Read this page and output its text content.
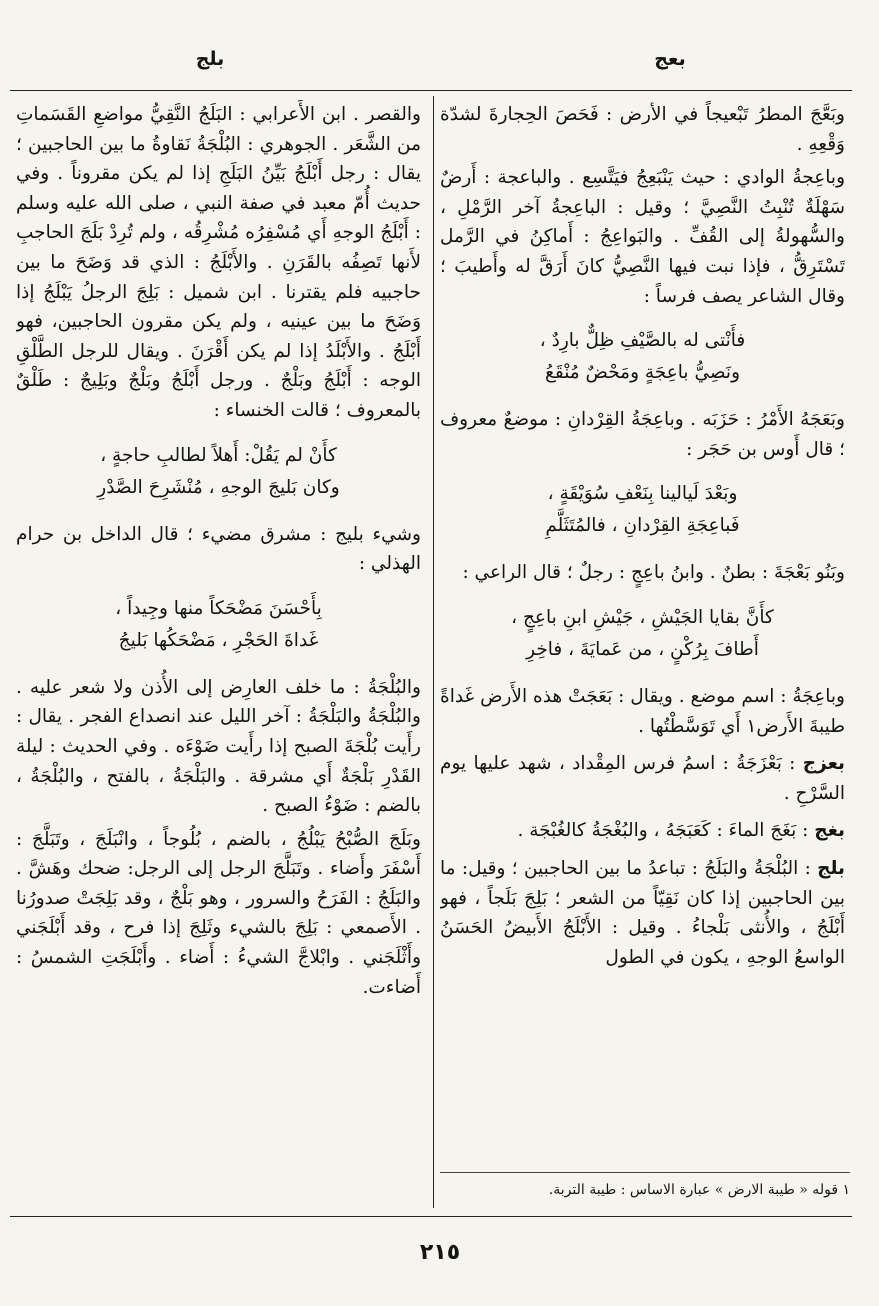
بعج
بلج

وبَعَّجَ المطرُ تَبْعيجاً في الأرض : فَحَصَ الحِجارةَ لشدّة وَقْعِهِ .

وباعِجةُ الوادي : حيث يَنْبَعِجُ فيَتَّسِع . والباعجة : أَرضٌ سَهْلَةٌ تُنْبِتُ النَّصِيَّ ؛ وقيل : الباعِجةُ آخر الرَّمْلِ ، والسُّهولةُ إلى القُفِّ . والبَواعِجُ : أَماكِنُ في الرَّمل تَسْتَرِقُّ ، فإذا نبت فيها النَّصِيُّ كانَ أَرَقَّ له وأَطيبَ ؛ وقال الشاعر يصف فرساً :

فأَنْتى له بالصَّيْفِ ظِلٌّ بارِدٌ ،
ونَصِيُّ باعِجَةٍ ومَحْضٌ مُنْقَعُ

وبَعَجَهُ الأَمْرُ : حَزَبَه . وباعِجَةُ القِرْدانِ : موضعٌ معروف ؛ قال أَوس بن حَجَر :

وبَعْدَ لَيالينا بِنَعْفِ سُوَيْقَةٍ ،
فَباعِجَةِ القِرْدانِ ، فالمُتَثَلَّمِ

وبَنُو بَعْجَةَ : بطنٌ . وابنُ باعِجٍ : رجلٌ ؛ قال الراعي :

كأَنَّ بقايا الجَيْشِ ، جَيْشِ ابنِ باعِجٍ ،
أَطافَ بِرُكْنٍ ، من عَمايَةَ ، فاخِرِ

وباعِجَةُ : اسم موضع . ويقال : بَعَجَتْ هذه الأَرض غَداةً طيبةَ الأَرض١ أَي تَوَسَّطْتُها .

بعزج : بَعْزَجَةُ : اسمُ فرس المِقْداد ، شهد عليها يوم السَّرْحِ .

بغج : بَغَجَ الماءَ : كَعَبَجَهُ ، والبُغْجَةُ كالغُبْجَة .

بلج : البُلْجَةُ والبَلَجُ : تباعدُ ما بين الحاجبين ؛ وقيل: ما بين الحاجبين إذا كان نَقِيّاً من الشعر ؛ بَلِجَ بَلَجاً ، فهو أَبْلَجُ ، والأُنثى بَلْجاءُ . وقيل : الأَبْلَجُ الأَبيضُ الحَسَنُ الواسعُ الوجهِ ، يكون في الطول

والقصر . ابن الأَعرابي : البَلَجُ النَّقِيُّ مواضعِ القَسَماتِ من الشَّعَر . الجوهري : البُلْجَةُ نَقاوةُ ما بين الحاجبين ؛ يقال : رجل أَبْلَجُ بَيِّنُ البَلَجِ إذا لم يكن مقروناً . وفي حديث أُمّ معبد في صفة النبي ، صلى الله عليه وسلم : أَبْلَجُ الوجهِ أَي مُسْفِرُه مُشْرِقُه ، ولم تُرِدْ بَلَجَ الحاجبِ لأَنها تَصِفُه بالقَرَنِ . والأَبْلَجُ : الذي قد وَضَحَ ما بين حاجبيه فلم يقترنا . ابن شميل : بَلِجَ الرجلُ يَبْلَجُ إذا وَضَحَ ما بين عينيه ، ولم يكن مقرون الحاجبين، فهو أَبْلَجُ . والأَبْلَدُ إذا لم يكن أَقْرَنَ . ويقال للرجل الطَّلْقِ الوجه : أَبْلَجُ وبَلْجٌ . ورجل أَبْلَجُ وبَلْجٌ وبَلِيجٌ : طَلْقٌ بالمعروف ؛ قالت الخنساء :

كأَنْ لم يَقُلْ: أَهلاً لطالبِ حاجةٍ ،
وكان بَليجَ الوجهِ ، مُنْشَرِحَ الصَّدْرِ

وشيء بليج : مشرق مضيء ؛ قال الداخل بن حرام الهذلي :

بِأَحْسَنَ مَضْحَكاً منها وجِيداً ،
غَداةَ الحَجْرِ ، مَضْحَكُها بَليجُ

والبُلْجَةُ : ما خلف العارِض إلى الأُذن ولا شعر عليه . والبُلْجَةُ والبَلْجَةُ : آخر الليل عند انصداع الفجر . يقال : رأَيت بُلْجَةَ الصبح إذا رأَيت ضَوْءَه . وفي الحديث : ليلة القَدْرِ بَلْجَةٌ أَي مشرقة . والبَلْجَةُ ، بالفتح ، والبُلْجَةُ ، بالضم : ضَوْءُ الصبح .

وبَلَجَ الصُّبْحُ يَبْلُجُ ، بالضم ، بُلُوجاً ، وانْبَلَجَ ، وتَبَلَّجَ : أَسْفَرَ وأَضاء . وتَبَلَّجَ الرجل إلى الرجل: ضحك وهَشَّ . والبَلَجُ : الفَرَحُ والسرور ، وهو بَلْجٌ ، وقد بَلِجَتْ صدورُنا . الأَصمعي : بَلِجَ بالشيء وثَلِجَ إذا فرح ، وقد أَبْلَجَني وأَثْلَجَني . وابْلاجَّ الشيءُ : أَضاء . وأَبْلَجَتِ الشمسُ : أَضاءت.

١ قوله « طيبة الارض » عبارة الاساس : طيبة التربة.
٢١٥
